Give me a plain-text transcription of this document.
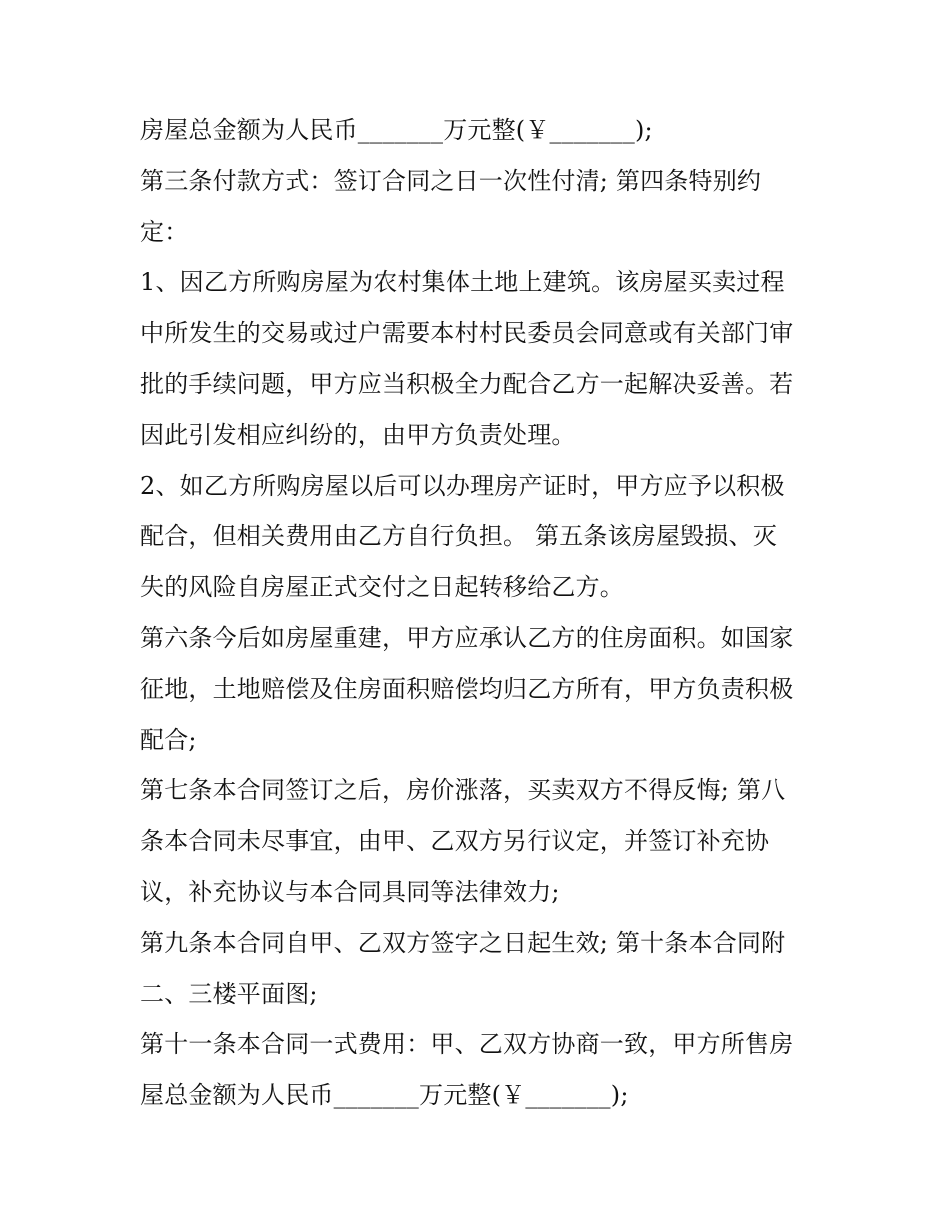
房屋总金额为人民币_______万元整(￥_______);
第三条付款方式：签订合同之日一次性付清; 第四条特别约
定：
1、因乙方所购房屋为农村集体土地上建筑。该房屋买卖过程
中所发生的交易或过户需要本村村民委员会同意或有关部门审
批的手续问题，甲方应当积极全力配合乙方一起解决妥善。若
因此引发相应纠纷的，由甲方负责处理。
2、如乙方所购房屋以后可以办理房产证时，甲方应予以积极
配合，但相关费用由乙方自行负担。 第五条该房屋毁损、灭
失的风险自房屋正式交付之日起转移给乙方。
第六条今后如房屋重建，甲方应承认乙方的住房面积。如国家
征地，土地赔偿及住房面积赔偿均归乙方所有，甲方负责积极
配合;
第七条本合同签订之后，房价涨落，买卖双方不得反悔; 第八
条本合同未尽事宜，由甲、乙双方另行议定，并签订补充协
议，补充协议与本合同具同等法律效力;
第九条本合同自甲、乙双方签字之日起生效; 第十条本合同附
二、三楼平面图;
第十一条本合同一式费用：甲、乙双方协商一致，甲方所售房
屋总金额为人民币_______万元整(￥_______);
